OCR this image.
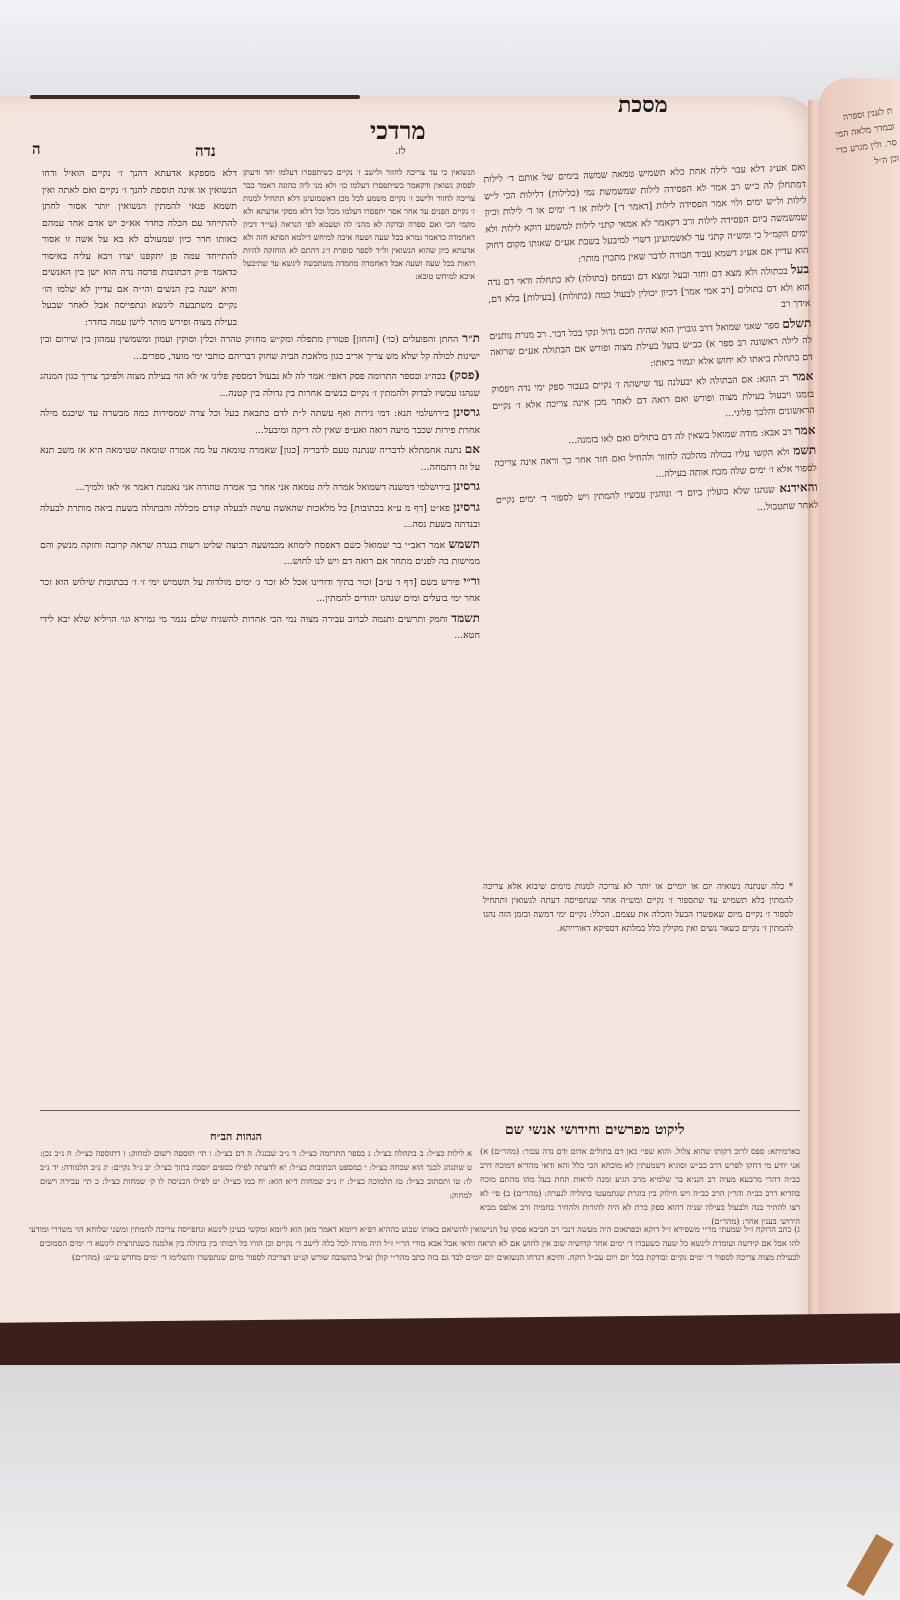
ת לענין וספרה ובמדר מלאה המי סר. ולין מגרע כדי וכן ה״ל
מסכת
מרדכי
לז.
נדה
ה

ואם אע״ג דלא עבר לילה אחת כלא תשמיש טמאה שמשה בימים של אותם ד׳ לילות דמתחלן לה כ״ש רב אמר לא הפסידה לילות שמשמשת נמי (כלילות) דלילות הכי ל״ש לילות ול״ש ימים ולוי אמר הפסידה לילות [דאמר ד׳] לילות או ד׳ ימים או ד׳ לילות וכיון שמשמשה ביום הפסידה לילות ורב דקאמר לא אמאי קתני לילות למשמע דוקא לילות ולא ימים הקמ״ל כי ומש״ה קתני עד לאשמועינן דשרי למיבעל בשבת אע״ם שאותו מקום דחוק הוא עדיין אם אע״ג דשמא עביד חבורה לדבר שאין מתכוין מותר:

בעל בכתולה ולא מצא דם וחזר ובעל ומצא דם ובפחס (בתולה) לא כתחלה ודאי דם נדה הוא ולא דם בתולים [רב אמי אמר] דכיון יכולין לבעול כמה (כתולות) [בעילות] בלא דם, אידך רב

תשלם ספר שאני שמואל דרב גוברין הוא שהיה חכם גדול ונקי בכל דבר. רב מנרת נותנים לה לילה ראשונה רב ספר א) כב״ש בועל בעילת מצוה ופורש אם הבתולה אע״ם שרואה דם בתחלת ביאתו לא יחוש אלא יגמור ביאתו:

אמר רב הונא: אם הבתולה לא יבעלנה עד שישהה ז׳ נקיים בעבור ספק ימי נדה ויפסוק בזמנו ויבעול בעילת מצוה ופורש ואם רואה דם לאחר מכן אינה צריכה אלא ז׳ נקיים הראשונים והלכך פליגי...

אמר רב אבא: מודה שמואל בשאין לה דם בתולים ואם לאו בזמנה...

תשמ ולא הקשו עליו בכולה מהלכה לחזור ולהחיל ואם חזר אחר כך וראה אינה צריכה לספור אלא ז׳ ימים שלה מכח אותה בעילה...

והאידנא שנהגו שלא בועלין ביום ד׳ ונוהגין עכשיו להמתין ויש לספור ד׳ ימים נקיים לאחר שתטבול...

הנשואין כי עד צריכה לחזור ולישב ז׳ נקיים כשיתפסרו דעלמו יחד ודעתן לפסוק נשואין ודקאמר כשיתפסרו דעלמו כו׳ ולא מני ליה כהוגה דאמר כבר צריכה לחזור ולישב ז׳ נקיים משמע לכל מכן דאשמועינן דלא תתחיל למנות ז׳ נקיים הפנים עד אחר אסר יתפסרו דעלמו מכל וכל דלא מסקי אדעתא ולא מקמי הכי ואם ספרה ובדקה לא מהני לה וטעמא לפי הנראה (עי״ד דכיון דאחמדה כדאמר גמרא בכל שעה ושעה איכה למיחש דילמא הסתא חזה ולא אדעתא כיון שהוא הנשואין ול״ד לספר סופרת ז״נ דהתם לא הוחזקה להיות רואות בכל שעה ושעה אבל דאחמדה מחמדה משתכשה ליגשא עד שתיבעל איכא למיחש טובא:
דלא מספקא אדעתא דהנך ז׳ נקיים הואיל ודחו הנשואין או אינה תוספת להנך ז׳ נקיים ואם לאתה ואין תשמא פנאי להמתין הנשואין יותר אסור לחתן להתייחד עם הכלה כחדר אא״כ יש אדם אחר עמהם כאותו חדר כיון שמעולם לא בא על אשה זו אסור להתייחד עמה פן יתקפנו יצרו ויבא עליה באיסור כדאמר פ״ק דכתובות פרסה נדה הוא ישן בין האנשים והיא ישנה בין הנשים והי״ה אם עדיין לא שלמו הז׳ נקיים משתבעה ליגשא ונתפייסה אבל לאחר שבעל בעילת מצוה ופירש מותר לישן עמה בחדר:

ת״ר החתן והפועלים (כו׳) [והחזן] פטורין מתפלה ומק״ש מחזיק טהרה וכלין וסוקין ועמון ומשמשין עמהון בין שירום ובין ישינות לכולה קל שלא מש צריך אריב כגון מלאכת הבית שחוק דבריהם כותבי ימי מועד, ספרים...

(פסק) בכה״ג ובספר התרומה פסק דאפי׳ אמר לה לא נבעול דמספק פליגי אי לא הוי בעילת מצוה ולפיכך צריך כגון המנהג שנהגו עכשיו לבדוק ולהמתין ז׳ נקיים כנשים אחרות בין גדולה בין קטנה...

גרסינן בירושלמי תנא: דמי גירות ואף עשתה ל״ת לדם כתבאת בעל וכל צרה שמסירות כמה מבשרה עד שיכנס מילה אחרת פירות שכבר מיעה רואה ואע״פ שאין לה דיקה ומיבעל...

אם נתנה אחמתלא לדבריה שנתנה טעם לדבריה [כגון] שאמרה טומאה על מה אמרה שומאה שטימאה היא אז משב תנא על זה דתמחה...

גרסינן בירושלמי דמשנה דשמואל אמרה ליה טמאה אני אחר כך אמרה טהורה אני נאמנת דאמר אי לאו ולמיך...

גרסינן פא״ט [דף מ ע״א בכתובות] כל מלאכות שהאשה עושה לבעלה קודם מכללה והבתולה בשעת ביאה מותרת לבעלה ובנדתה בשעת נסה...

תשמש אמר ראב״י בר שמואל כשם דאפסח לימוזא מכמשעה רבוצה שליט רשות בנגדה שראה קרובה וחזקה מנשק והם ממישות בה לפנים מתחר אם רואה דם ויש לנו לחוש...

ור״י פירש בשם [דף ד ע״ב] זכור בתיך ודורינו אכל לא זכר ג׳ ימים מולדות על תשמיש ימי ז׳ ז׳ בכתובות שילוש הוא זכר אחר ימי בועלים ומים שנהגו יהודים להמתין...

תשמד וחמק ותרשים ותנמה לברוב עבירה מצוה נמי הכי אחרות להשגיח שלם נגמר מי גמירא וגו׳ הויליא שלא יבא לידי חטא...

* כלה שנתנה נשואיה יום או יומיים או יותר לא צריכה למנות מימים שיבוא אלא צריכה להמתין בלא תשמיש עד שתספור ז׳ נקיים ומש״ה אחר שנתפייסה דעתה לנשואין ותתחיל לספור ז׳ נקיים מיום שאפשרו הבעל והכלה את עצמם. הכלל: נקיים ימי דמשה ובזמן הזה נהגו להמתין ז׳ נקיים כשאר נשים ואין מקילין כלל במלתא דספיקא דאורייתא.
ליקוט מפרשים וחידושי אנשי שם
הגהות הב״ח
בארמיתא: ספס לרוב דקותו שהוא צלול. והוא שפי׳ כאן דם בתולים אדום ודם נדה עכור: (מהר״ם) א) אני יודע מי דחקו לפרש דרב כב״ש וסוגיא דשמעתין לא מוכחא הכי כלל והא ודאי מהדיא דמוכח דרב כב״ה דהרי מרבעא מעיה רב חנניא בר שלמיא מרב הגיע זמנה לראות תחת בעל מהו מהתם מוכח בהדיא דרב כב״ה והר״ן הרב כב״ה ויש חילוק בין בוגרת שנתמעטו בתוליה לנערה: (מהר״ם) ב) פי׳ לא רצו להתיר בנה ולבעול בעילה שניה דהוא ספק כרת לא היה להורות ולהחיר בחמיה ורב אלפס מביא הירוש׳ בענין אחר: (מהר״ם)
א לילות כצ״ל: ב בתחלה כצ״ל: ג בספר התרומה כצ״ל: ד נ״ב שבנגל: ה דם כצ״ל: ו תי׳ תוספה רשום למחוק: ז דתוספה כצ״ל: ח נ״ב נכן: ט שתגהג לבנך הוא שכחה כצ״ל: י כמספט הכתובות כצ״ל: יא לדעתה לפילו כספים יוסבת בתוך כצ״ל: יב נ״ל נקיים: יג נ״ב תלמודה: יד נ״ב לו: טו ותסתוב כצ״ל: טז תלמוכה כצ״ל: יז נ״ב שמחות ד״א הוא: יח כמו כצ״ל: יט לפילו הכניסה לו ק׳ שמחות כצ״ל: כ תי׳ עבירה רשום למחוק:
ג) כתב הרוקח ז״ל שמעתי מר״י משפירא ז״ל דוקא ובפתאום היה מעשה דנבי רב חביבא פסקו על הנישואין להשיאם באותו שבוע כההיא דפ״א דיומא דאמר מאן הוא ליומא ומקשי בעינן לינשא ונתפייסה צריכה להמתין ומשני שלוחא הוי משדרי ומודעי להו אבל אם קידשה ועומדת לינשא כל שעה כשעברו ד׳ ימים אחר קדושיה שוב אין לחוש אם לא תראה וודאי אבל אבא מורי הר״י ז״ל היה מורה לכל כלה לישב ד׳ נקיים וכן הורו כל רבותי בין בתולה בין אלמנה כשנתרצית לינשא ד׳ ימים הסמוכים לבעילת מצוה צריכה לספור ד׳ ימים נקיים ובודקת בכל יום ויום עכ״ל רוקח. והיכא דנדחו הנשואים יום יומים לבד גם בזה כתב מהר״י קולן זצ״ל בתשובה שורש קנ״ט דצריכה לספור מיום שנתפשרו והשלימו ד׳ ימים מחדש ע״ש: (מהר״ם)
